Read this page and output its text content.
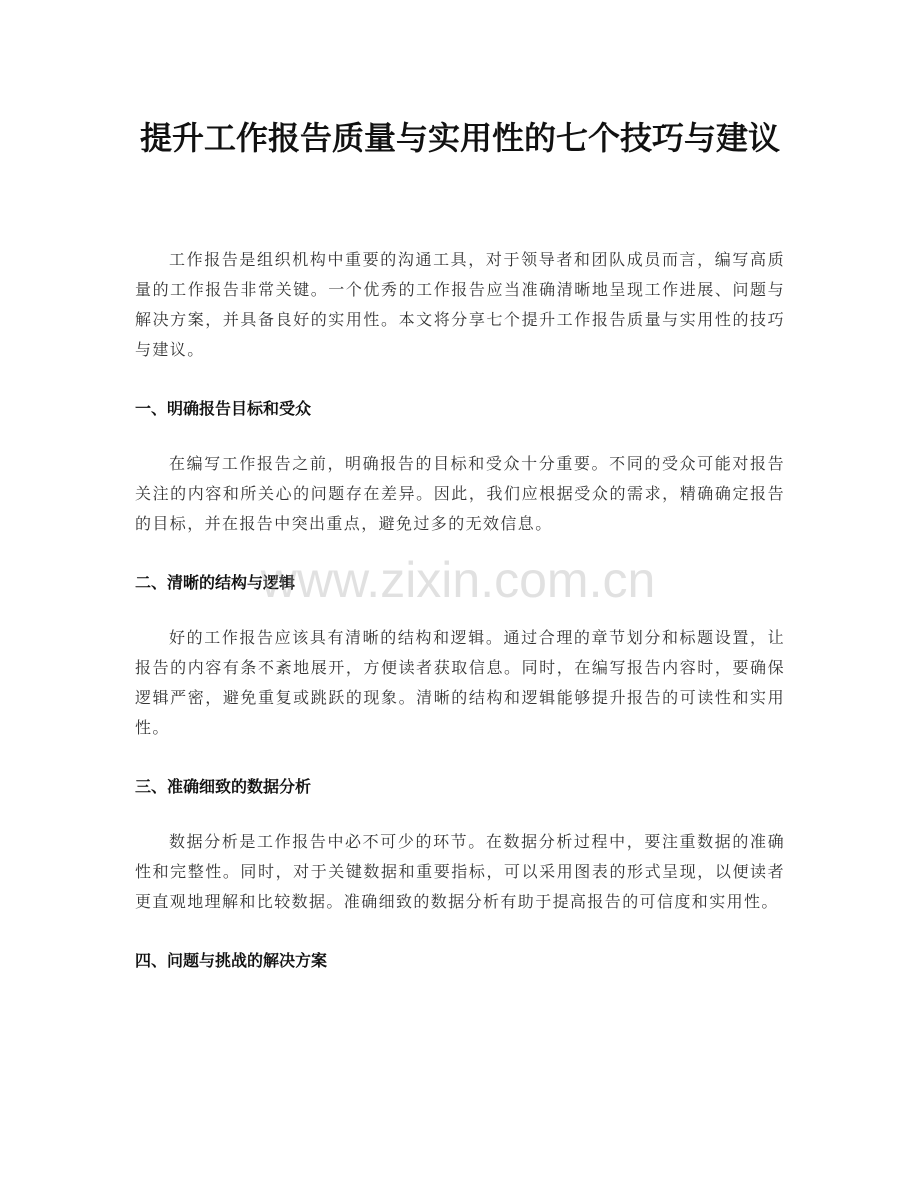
提升工作报告质量与实用性的七个技巧与建议

工作报告是组织机构中重要的沟通工具，对于领导者和团队成员而言，编写高质量的工作报告非常关键。一个优秀的工作报告应当准确清晰地呈现工作进展、问题与解决方案，并具备良好的实用性。本文将分享七个提升工作报告质量与实用性的技巧与建议。

一、明确报告目标和受众

在编写工作报告之前，明确报告的目标和受众十分重要。不同的受众可能对报告关注的内容和所关心的问题存在差异。因此，我们应根据受众的需求，精确确定报告的目标，并在报告中突出重点，避免过多的无效信息。

二、清晰的结构与逻辑

好的工作报告应该具有清晰的结构和逻辑。通过合理的章节划分和标题设置，让报告的内容有条不紊地展开，方便读者获取信息。同时，在编写报告内容时，要确保逻辑严密，避免重复或跳跃的现象。清晰的结构和逻辑能够提升报告的可读性和实用性。

三、准确细致的数据分析

数据分析是工作报告中必不可少的环节。在数据分析过程中，要注重数据的准确性和完整性。同时，对于关键数据和重要指标，可以采用图表的形式呈现，以便读者更直观地理解和比较数据。准确细致的数据分析有助于提高报告的可信度和实用性。

四、问题与挑战的解决方案
www.zixin.com.cn
